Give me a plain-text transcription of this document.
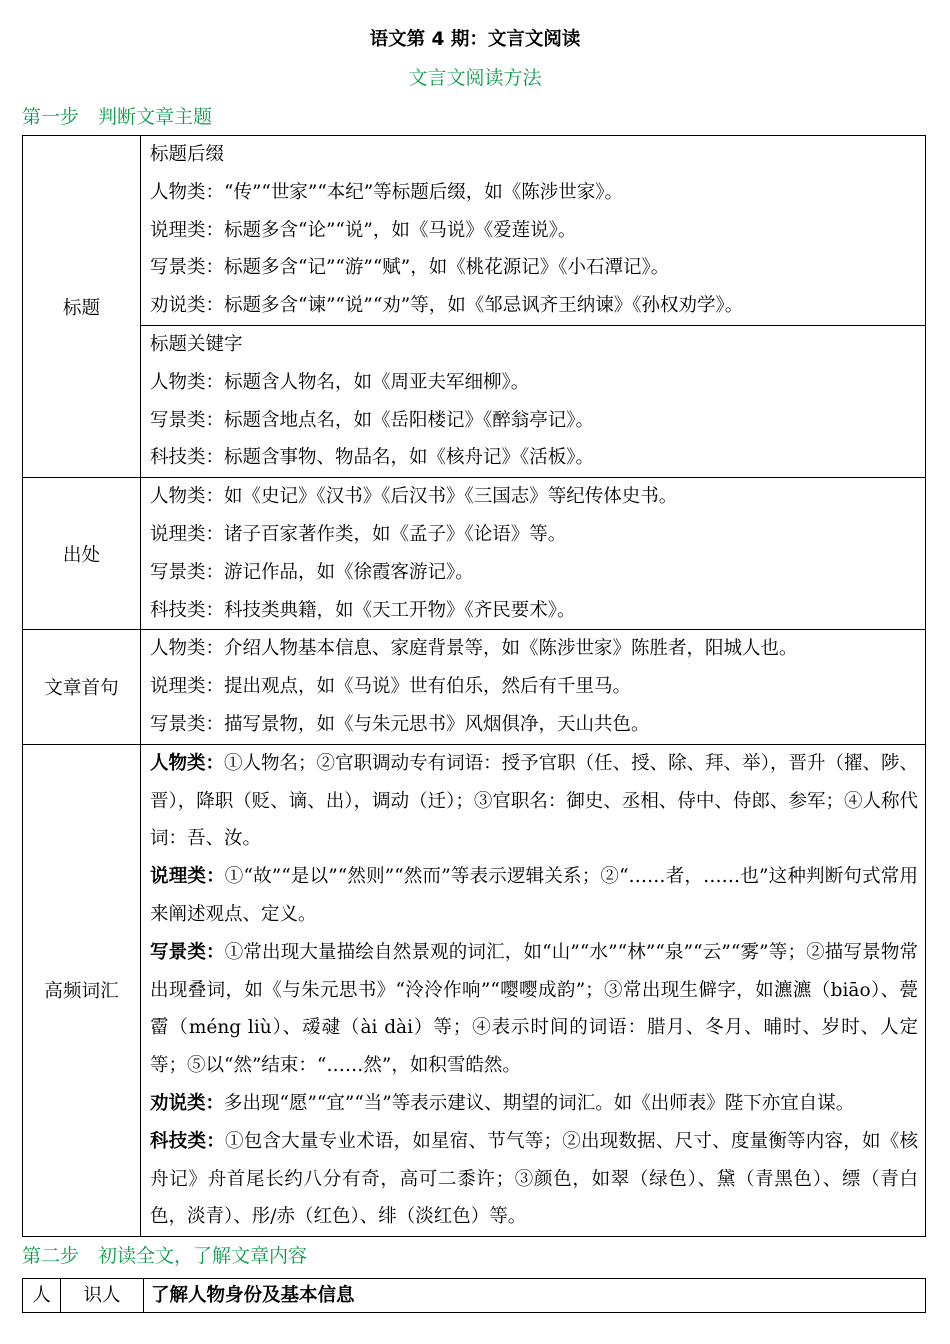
语文第 4 期：文言文阅读
文言文阅读方法
第一步　判断文章主题
标题	标题后缀
人物类：“传”“世家”“本纪”等标题后缀，如《陈涉世家》。
说理类：标题多含“论”“说”，如《马说》《爱莲说》。
写景类：标题多含“记”“游”“赋”，如《桃花源记》《小石潭记》。
劝说类：标题多含“谏”“说”“劝”等，如《邹忌讽齐王纳谏》《孙权劝学》。

	标题关键字
人物类：标题含人物名，如《周亚夫军细柳》。
写景类：标题含地点名，如《岳阳楼记》《醉翁亭记》。
科技类：标题含事物、物品名，如《核舟记》《活板》。

出处	人物类：如《史记》《汉书》《后汉书》《三国志》等纪传体史书。
说理类：诸子百家著作类，如《孟子》《论语》等。
写景类：游记作品，如《徐霞客游记》。
科技类：科技类典籍，如《天工开物》《齐民要术》。

文章首句	人物类：介绍人物基本信息、家庭背景等，如《陈涉世家》陈胜者，阳城人也。
说理类：提出观点，如《马说》世有伯乐，然后有千里马。
写景类：描写景物，如《与朱元思书》风烟俱净，天山共色。

高频词汇	人物类：①人物名；②官职调动专有词语：授予官职（任、授、除、拜、举），晋升（擢、陟、晋），降职（贬、谪、出），调动（迁）；③官职名：御史、丞相、侍中、侍郎、参军；④人称代词：吾、汝。
说理类：①“故”“是以”“然则”“然而”等表示逻辑关系；②“……者，……也”这种判断句式常用来阐述观点、定义。
写景类：①常出现大量描绘自然景观的词汇，如“山”“水”“林”“泉”“云”“雾”等；②描写景物常出现叠词，如《与朱元思书》“泠泠作响”“嘤嘤成韵”；③常出现生僻字，如瀌瀌（biāo）、甍霤（méng liù）、叆叇（ài dài）等；④表示时间的词语：腊月、冬月、晡时、岁时、人定等；⑤以“然”结束：“……然”，如积雪皓然。
劝说类：多出现“愿”“宜”“当”等表示建议、期望的词汇。如《出师表》陛下亦宜自谋。
科技类：①包含大量专业术语，如星宿、节气等；②出现数据、尺寸、度量衡等内容，如《核舟记》舟首尾长约八分有奇，高可二黍许；③颜色，如翠（绿色）、黛（青黑色）、缥（青白色，淡青）、彤/赤（红色）、绯（淡红色）等。
第二步　初读全文，了解文章内容
人	识人	了解人物身份及基本信息
